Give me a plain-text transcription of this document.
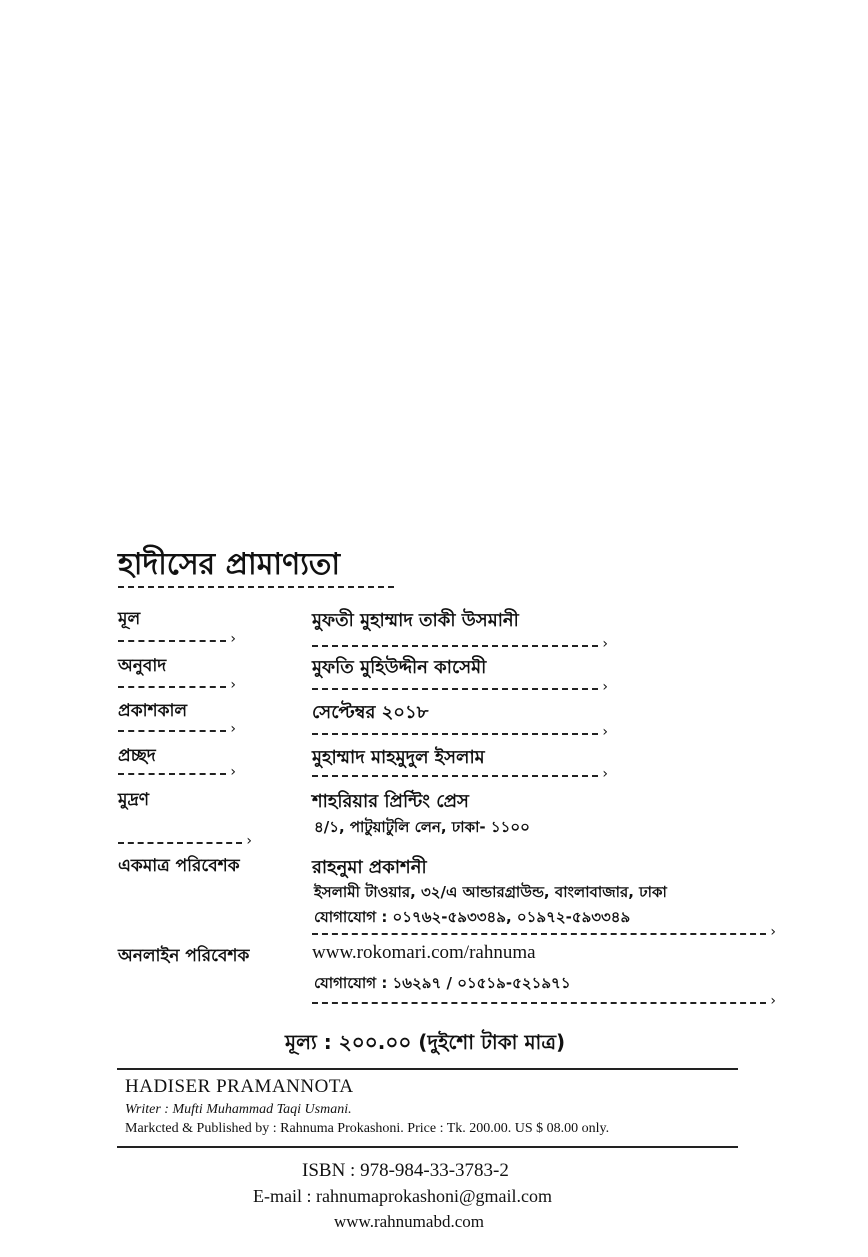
হাদীসের প্রামাণ্যতা
মূল	মুফতী মুহাম্মাদ তাকী উসমানী
›	›
অনুবাদ	মুফতি মুহিউদ্দীন কাসেমী
›	›
প্রকাশকাল	সেপ্টেম্বর ২০১৮
›	›
প্রচ্ছদ	মুহাম্মাদ মাহমুদুল ইসলাম
›	›
মুদ্রণ	শাহরিয়ার প্রিন্টিং প্রেস
৪/১, পাটুয়াটুলি লেন, ঢাকা- ১১০০
›
একমাত্র পরিবেশক	রাহনুমা প্রকাশনী
ইসলামী টাওয়ার, ৩২/এ আন্ডারগ্রাউন্ড, বাংলাবাজার, ঢাকা
যোগাযোগ : ০১৭৬২-৫৯৩৩৪৯, ০১৯৭২-৫৯৩৩৪৯
›
অনলাইন পরিবেশক	www.rokomari.com/rahnuma
যোগাযোগ : ১৬২৯৭ / ০১৫১৯-৫২১৯৭১
›
মূল্য : ২০০.০০ (দুইশো টাকা মাত্র)
HADISER PRAMANNOTA
Writer : Mufti Muhammad Taqi Usmani.
Markcted & Published by : Rahnuma Prokashoni. Price : Tk. 200.00. US $ 08.00 only.
ISBN : 978-984-33-3783-2
E-mail : rahnumaprokashoni@gmail.com
www.rahnumabd.com
